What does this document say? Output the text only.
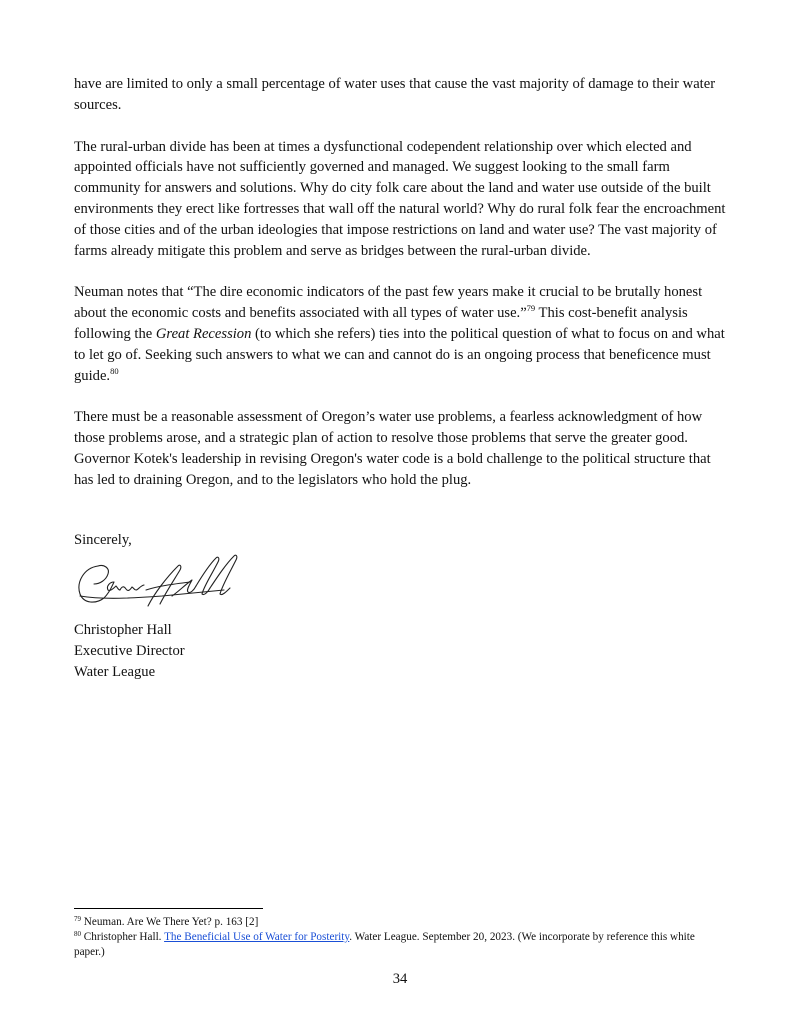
have are limited to only a small percentage of water uses that cause the vast majority of damage to their water sources.

The rural-urban divide has been at times a dysfunctional codependent relationship over which elected and appointed officials have not sufficiently governed and managed. We suggest looking to the small farm community for answers and solutions. Why do city folk care about the land and water use outside of the built environments they erect like fortresses that wall off the natural world? Why do rural folk fear the encroachment of those cities and of the urban ideologies that impose restrictions on land and water use? The vast majority of farms already mitigate this problem and serve as bridges between the rural-urban divide.

Neuman notes that “The dire economic indicators of the past few years make it crucial to be brutally honest about the economic costs and benefits associated with all types of water use.”$^{79}$ This cost-benefit analysis following the Great Recession (to which she refers) ties into the political question of what to focus on and what to let go of. Seeking such answers to what we can and cannot do is an ongoing process that beneficence must guide.$^{80}$

There must be a reasonable assessment of Oregon’s water use problems, a fearless acknowledgment of how those problems arose, and a strategic plan of action to resolve those problems that serve the greater good. Governor Kotek's leadership in revising Oregon's water code is a bold challenge to the political structure that has led to draining Oregon, and to the legislators who hold the plug.

Sincerely,

Christopher Hall

Executive Director

Water League

$^{79}$ Neuman. Are We There Yet? p. 163 [2]
$^{80}$ Christopher Hall. The Beneficial Use of Water for Posterity. Water League. September 20, 2023. (We incorporate by reference this white paper.)
34
